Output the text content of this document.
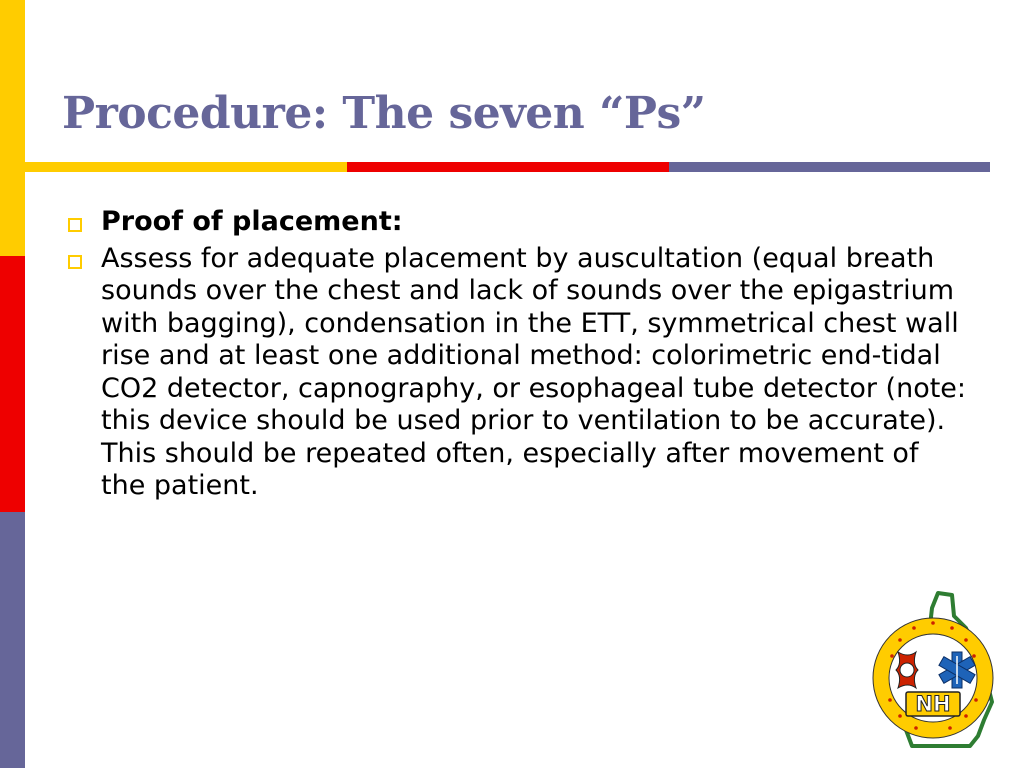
Procedure: The seven “Ps”
Proof of placement:
Assess for adequate placement by auscultation (equal breath sounds over the chest and lack of sounds over the epigastrium with bagging), condensation in the ETT, symmetrical chest wall rise and at least one additional method: colorimetric end-tidal CO2 detector, capnography, or esophageal tube detector (note: this device should be used prior to ventilation to be accurate). This should be repeated often, especially after movement of the patient.
NH
